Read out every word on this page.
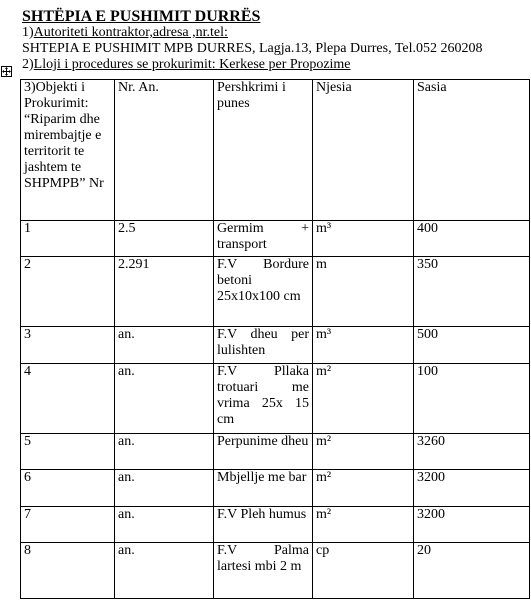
SHTËPIA E PUSHIMIT DURRËS
1)Autoriteti kontraktor,adresa ,nr.tel:
SHTEPIA E PUSHIMIT MPB DURRES, Lagja.13, Plepa Durres, Tel.052 260208
2)Lloji i procedures se prokurimit: Kerkese per Propozime
3)Objekti i Prokurimit: “Riparim dhe mirembajtje e territorit te jashtem te SHPMPB” Nr	Nr. An.	Pershkrimi i punes	Njesia	Sasia
1	2.5	Germim + transport	m³	400
2	2.291	F.V Bordure betoni 25x10x100 cm	m	350
3	an.	F.V dheu per lulishten	m³	500
4	an.	F.V Pllaka trotuari me vrima 25x 15 cm	m²	100
5	an.	Perpunime dheu	m²	3260
6	an.	Mbjellje me bar	m²	3200
7	an.	F.V Pleh humus	m²	3200
8	an.	F.V Palma lartesi mbi 2 m	cp	20
